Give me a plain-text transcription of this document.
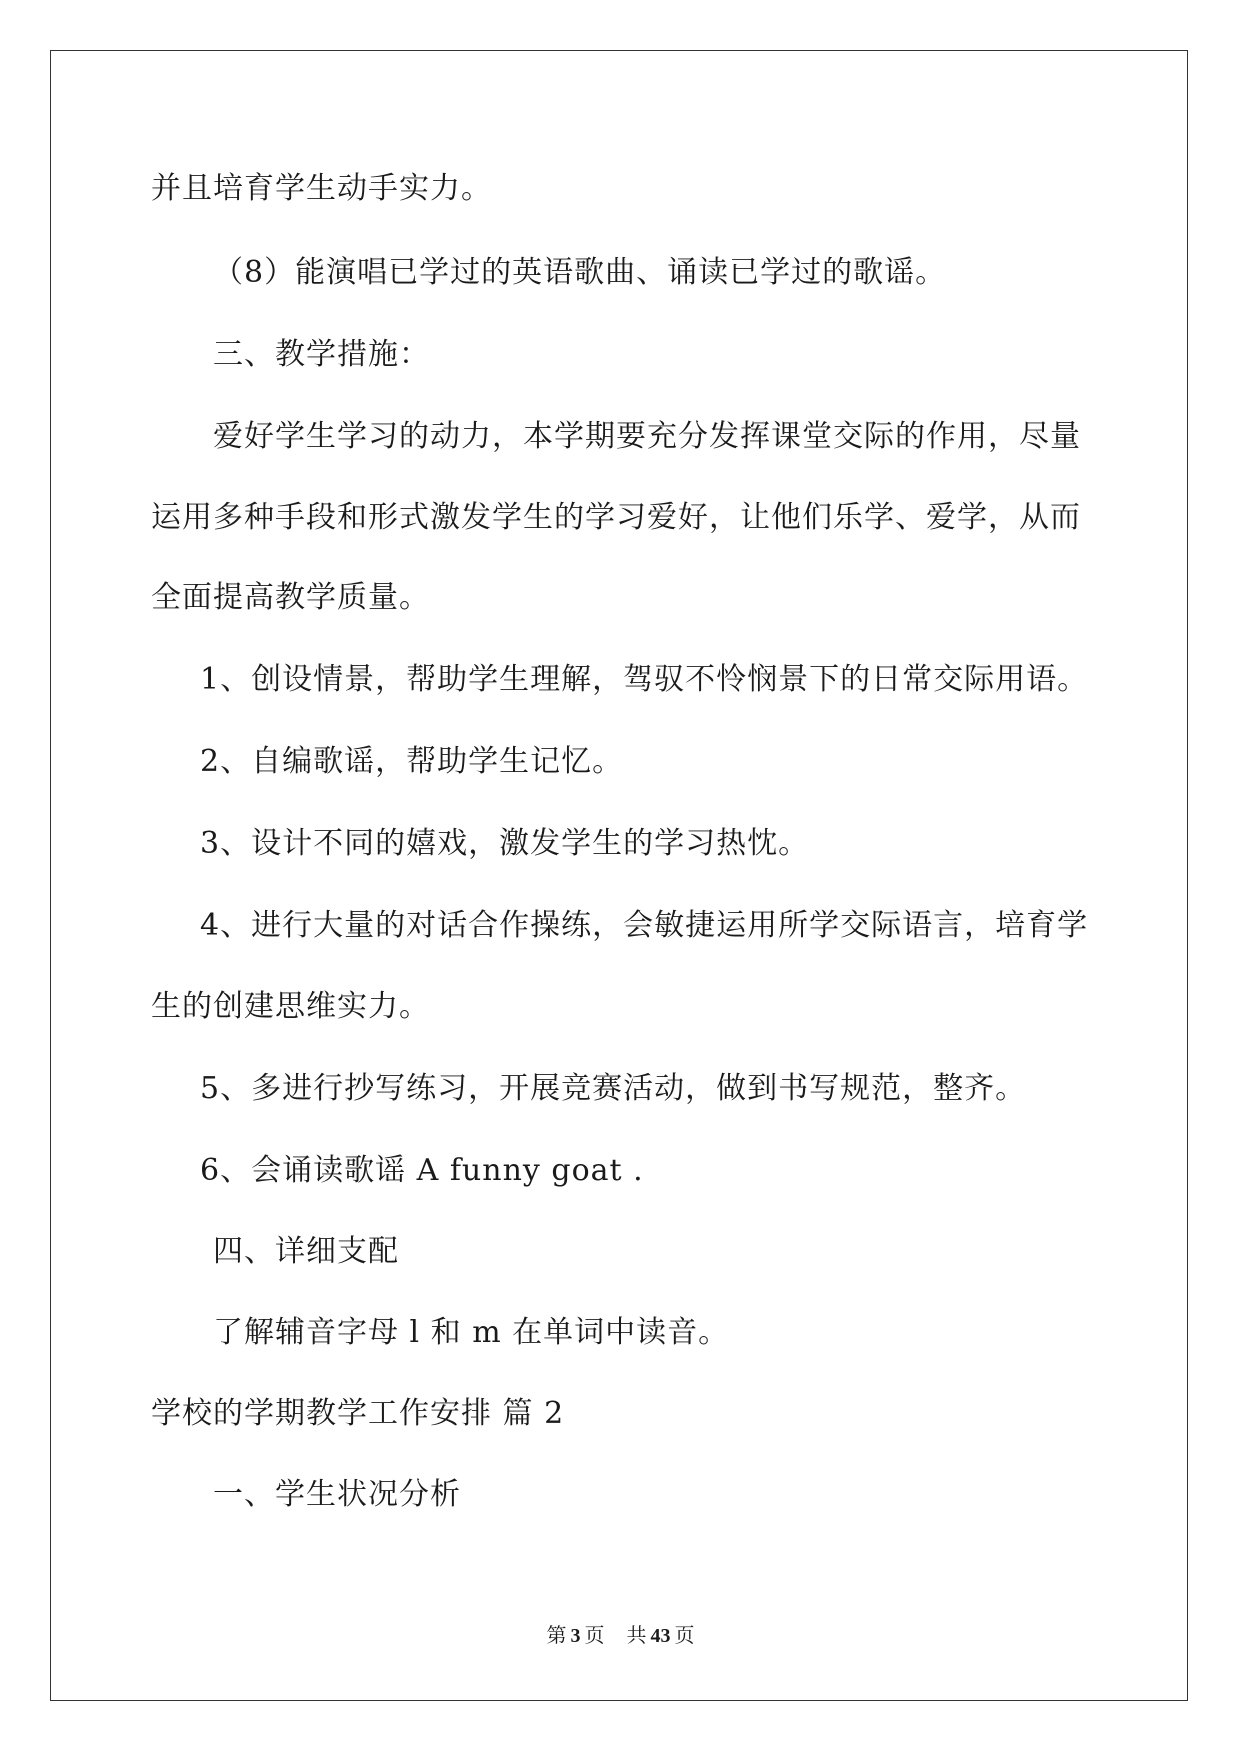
并且培育学生动手实力。
（8）能演唱已学过的英语歌曲、诵读已学过的歌谣。
三、教学措施：
爱好学生学习的动力，本学期要充分发挥课堂交际的作用，尽量
运用多种手段和形式激发学生的学习爱好，让他们乐学、爱学，从而
全面提高教学质量。
1、创设情景，帮助学生理解，驾驭不怜悯景下的日常交际用语。
2、自编歌谣，帮助学生记忆。
3、设计不同的嬉戏，激发学生的学习热忱。
4、进行大量的对话合作操练，会敏捷运用所学交际语言，培育学
生的创建思维实力。
5、多进行抄写练习，开展竞赛活动，做到书写规范，整齐。
6、会诵读歌谣 A funny goat .
四、详细支配
了解辅音字母 l 和 m 在单词中读音。
学校的学期教学工作安排 篇 2
一、学生状况分析
第 3 页 共 43 页
